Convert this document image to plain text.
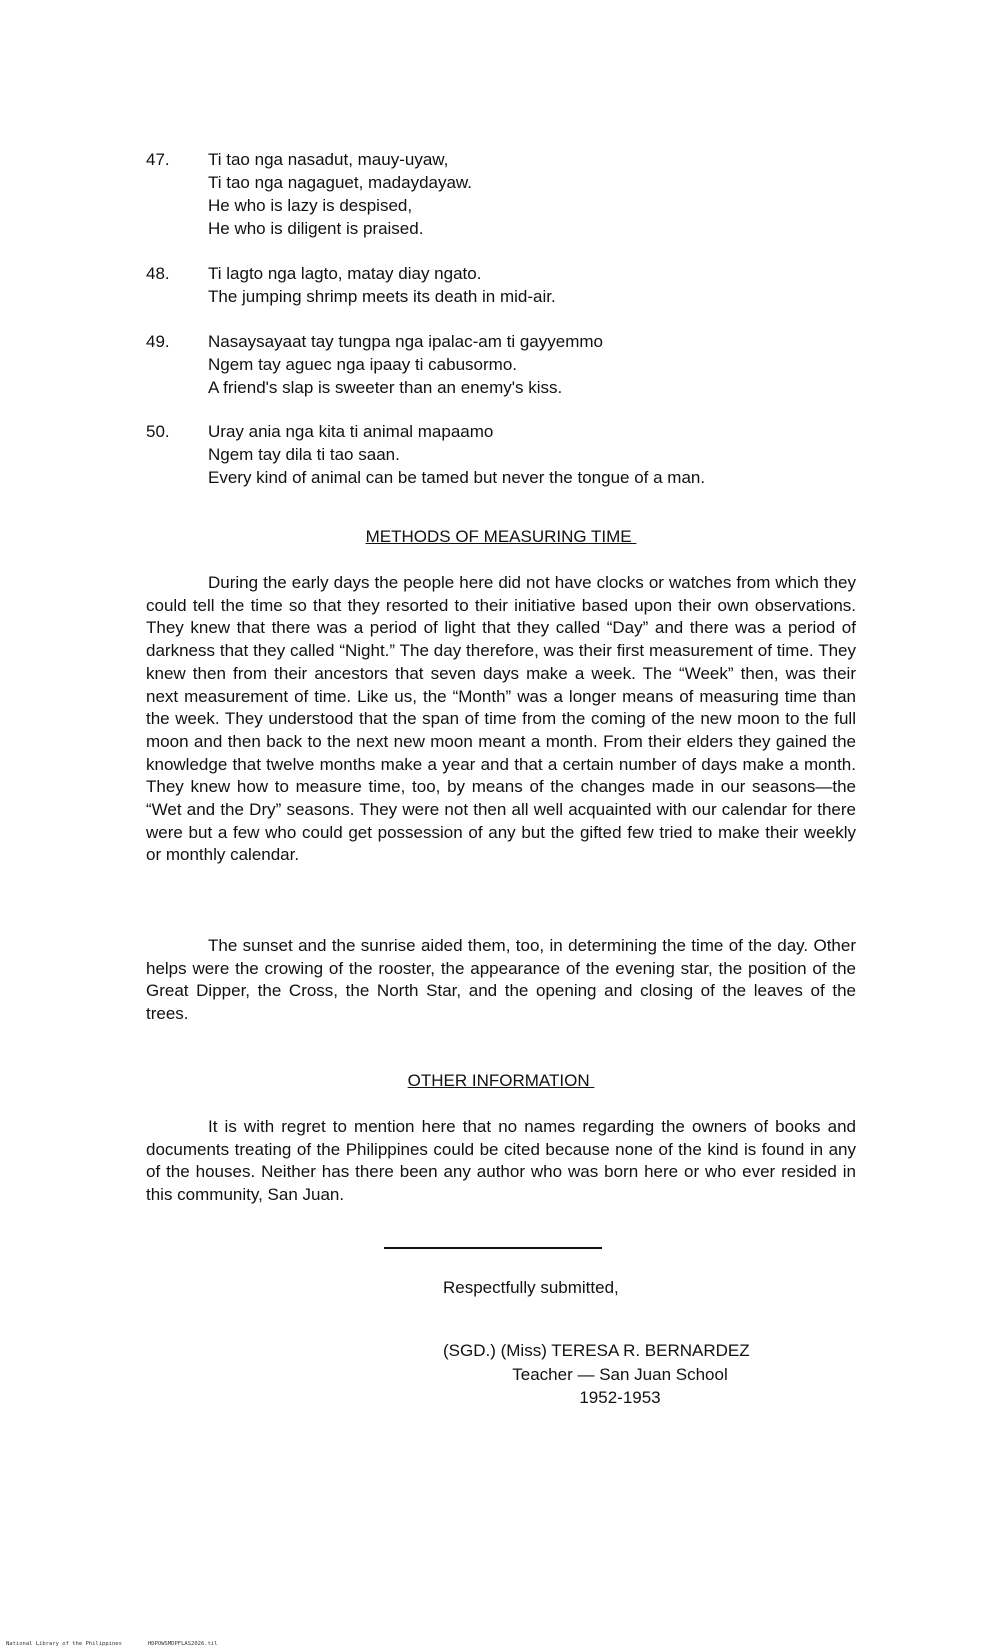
47. Ti tao nga nasadut, mauy-uyaw,
Ti tao nga nagaguet, madaydayaw.
He who is lazy is despised,
He who is diligent is praised.
48. Ti lagto nga lagto, matay diay ngato.
The jumping shrimp meets its death in mid-air.
49. Nasaysayaat tay tungpa nga ipalac-am ti gayyemmo
Ngem tay aguec nga ipaay ti cabusormo.
A friend's slap is sweeter than an enemy's kiss.
50. Uray ania nga kita ti animal mapaamo
Ngem tay dila ti tao saan.
Every kind of animal can be tamed but never the tongue of a man.
METHODS OF MEASURING TIME

During the early days the people here did not have clocks or watches from which they could tell the time so that they resorted to their initiative based upon their own observations. They knew that there was a period of light that they called “Day” and there was a period of darkness that they called “Night.” The day therefore, was their first measurement of time. They knew then from their ancestors that seven days make a week. The “Week” then, was their next measurement of time. Like us, the “Month” was a longer means of measuring time than the week. They understood that the span of time from the coming of the new moon to the full moon and then back to the next new moon meant a month. From their elders they gained the knowledge that twelve months make a year and that a certain number of days make a month. They knew how to measure time, too, by means of the changes made in our seasons—the “Wet and the Dry” seasons. They were not then all well acquainted with our calendar for there were but a few who could get possession of any but the gifted few tried to make their weekly or monthly calendar.

The sunset and the sunrise aided them, too, in determining the time of the day. Other helps were the crowing of the rooster, the appearance of the evening star, the position of the Great Dipper, the Cross, the North Star, and the opening and closing of the leaves of the trees.

OTHER INFORMATION

It is with regret to mention here that no names regarding the owners of books and documents treating of the Philippines could be cited because none of the kind is found in any of the houses. Neither has there been any author who was born here or who ever resided in this community, San Juan.

Respectfully submitted,
(SGD.) (Miss) TERESA R. BERNARDEZ
Teacher — San Juan School
1952-1953
National Library of the Philippines	HDPOWSMDPFLAS2026.til
